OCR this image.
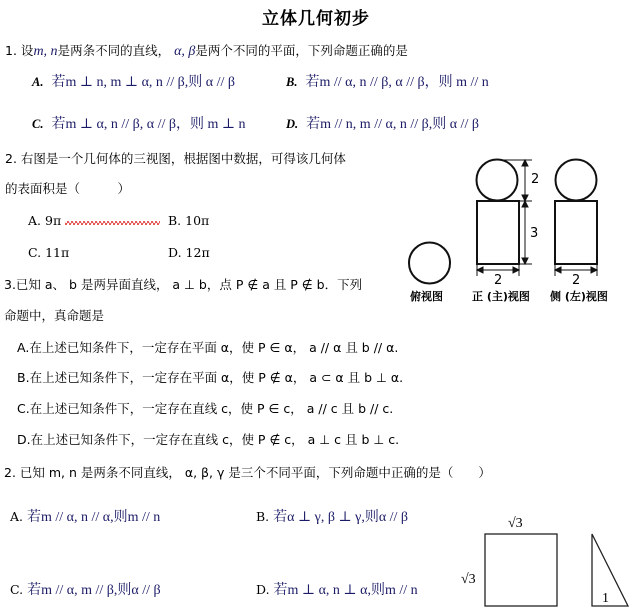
立体几何初步
1. 设m, n是两条不同的直线， α, β是两个不同的平面，下列命题正确的是
A. 若m ⊥ n, m ⊥ α, n // β,则 α // β	B. 若m // α, n // β, α // β，则 m // n
C. 若m ⊥ α, n // β, α // β，则 m ⊥ n	D. 若m // n, m // α, n // β,则 α // β
2. 右图是一个几何体的三视图，根据图中数据，可得该几何体
的表面积是（　　　）
A. 9π	B. 10π
C. 11π	D. 12π
2
3
2	2
俯视图	正 (主)视图 侧 (左)视图
3.已知 a、 b 是两异面直线， a ⊥ b，点 P ∉ a 且 P ∉ b．下列
命题中，真命题是
A.在上述已知条件下，一定存在平面 α，使 P ∈ α， a // α 且 b // α.
B.在上述已知条件下，一定存在平面 α，使 P ∉ α， a ⊂ α 且 b ⊥ α.
C.在上述已知条件下，一定存在直线 c，使 P ∈ c， a // c 且 b // c.
D.在上述已知条件下，一定存在直线 c，使 P ∉ c， a ⊥ c 且 b ⊥ c.
2. 已知 m, n 是两条不同直线， α, β, γ 是三个不同平面，下列命题中正确的是（　　）
A. 若m // α, n // α,则m // n	B. 若α ⊥ γ, β ⊥ γ,则α // β
C. 若m // α, m // β,则α // β	D. 若m ⊥ α, n ⊥ α,则m // n
√3
√3
1
